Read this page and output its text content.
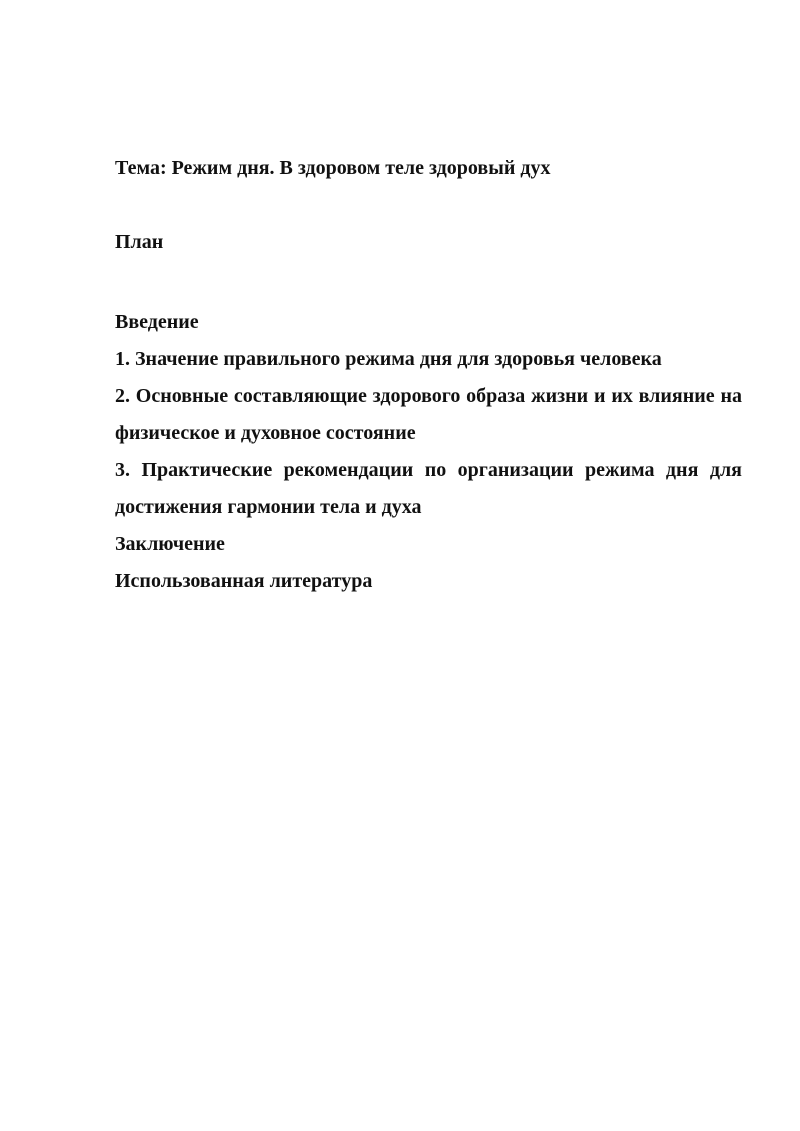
Тема: Режим дня. В здоровом теле здоровый дух

План

Введение
1. Значение правильного режима дня для здоровья человека
2. Основные составляющие здорового образа жизни и их влияние на физическое и духовное состояние
3. Практические рекомендации по организации режима дня для достижения гармонии тела и духа
Заключение
Использованная литература
